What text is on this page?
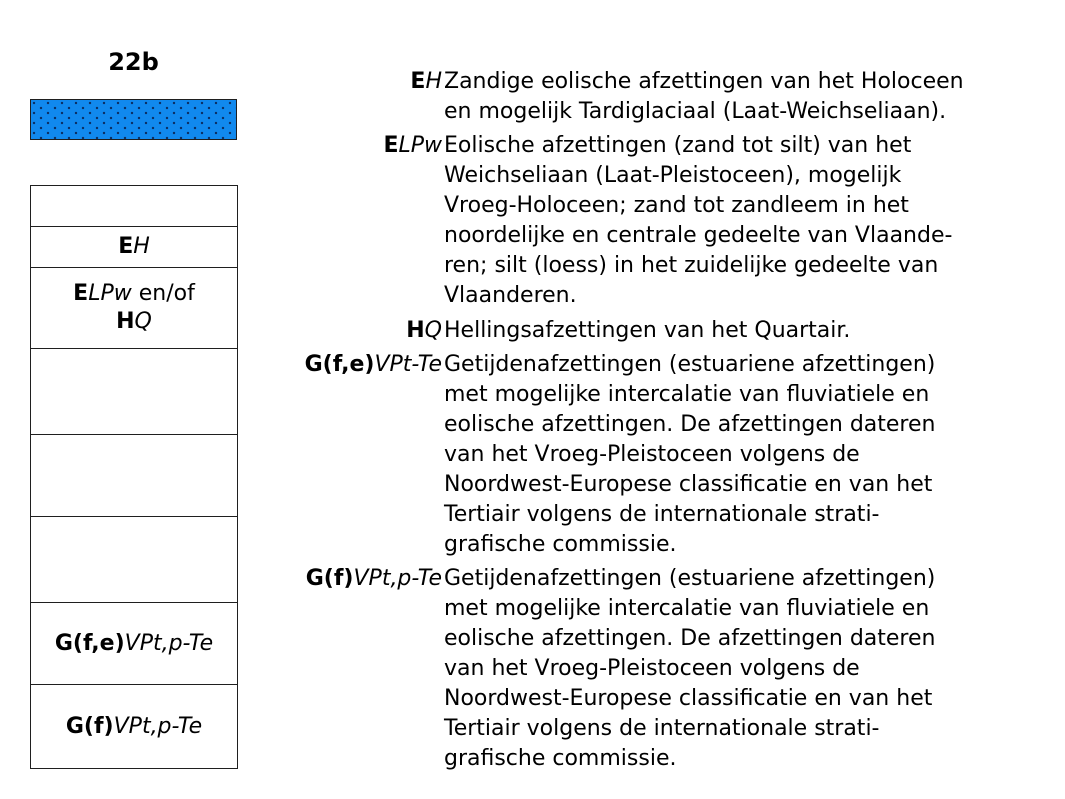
22b
EH
ELPw en/of
HQ
G(f,e)VPt,p-Te
G(f)VPt,p-Te
EH Zandige eolische afzettingen van het Holoceen
en mogelijk Tardiglaciaal (Laat-Weichseliaan).
ELPw Eolische afzettingen (zand tot silt) van het
Weichseliaan (Laat-Pleistoceen), mogelijk
Vroeg-Holoceen; zand tot zandleem in het
noordelijke en centrale gedeelte van Vlaande-
ren; silt (loess) in het zuidelijke gedeelte van
Vlaanderen.
HQ Hellingsafzettingen van het Quartair.
G(f,e)VPt-Te Getijdenafzettingen (estuariene afzettingen)
met mogelijke intercalatie van fluviatiele en
eolische afzettingen. De afzettingen dateren
van het Vroeg-Pleistoceen volgens de
Noordwest-Europese classificatie en van het
Tertiair volgens de internationale strati-
grafische commissie.
G(f)VPt,p-Te Getijdenafzettingen (estuariene afzettingen)
met mogelijke intercalatie van fluviatiele en
eolische afzettingen. De afzettingen dateren
van het Vroeg-Pleistoceen volgens de
Noordwest-Europese classificatie en van het
Tertiair volgens de internationale strati-
grafische commissie.
